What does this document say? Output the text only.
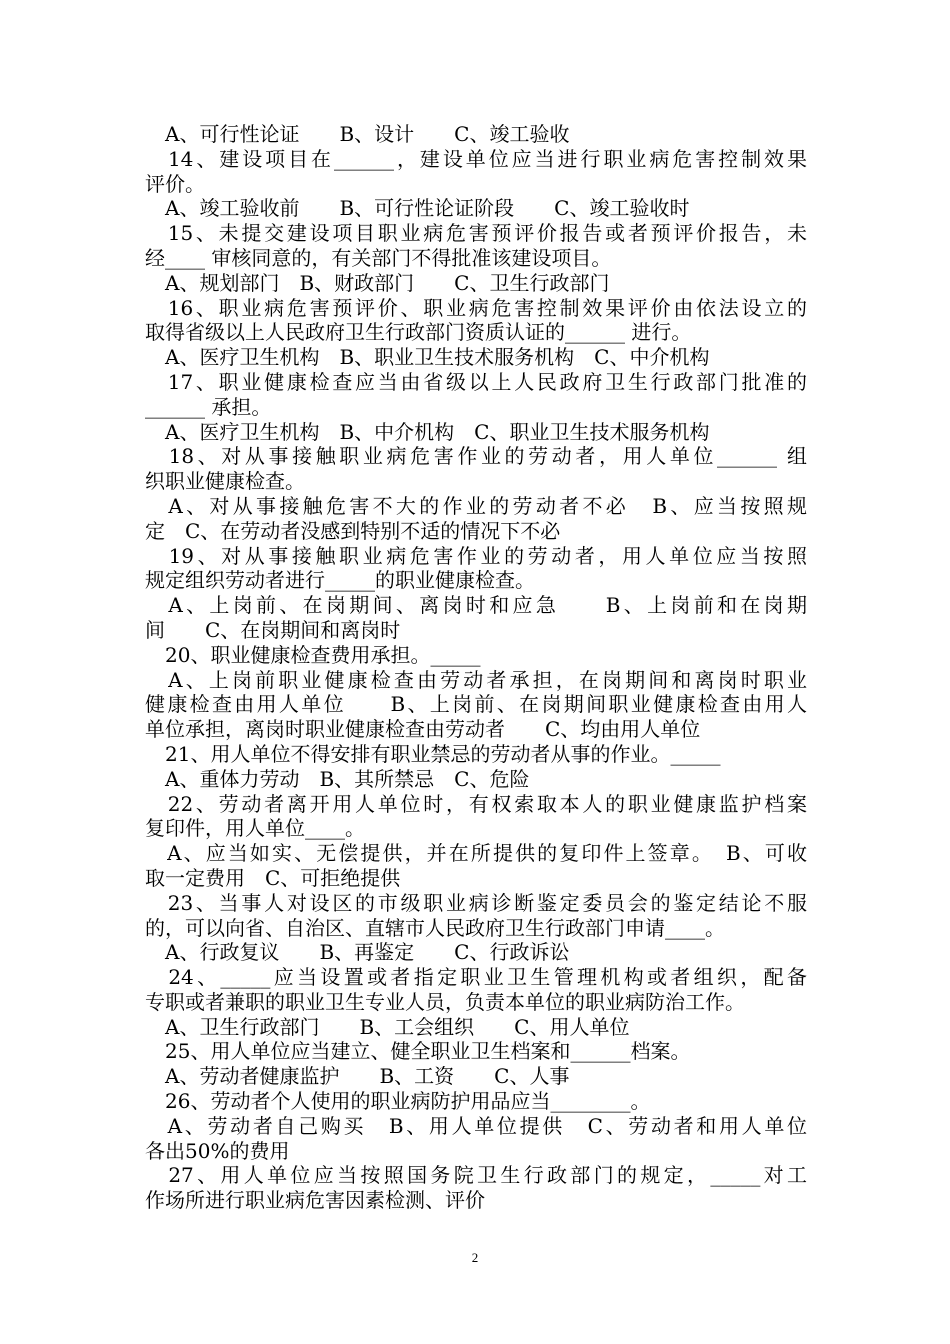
　A、可行性论证　　B、设计　　C、竣工验收
　14、建设项目在______，建设单位应当进行职业病危害控制效果
评价。
　A、竣工验收前　　B、可行性论证阶段　　C、竣工验收时
　15、未提交建设项目职业病危害预评价报告或者预评价报告，未
经____ 审核同意的，有关部门不得批准该建设项目。
　A、规划部门　B、财政部门　　C、卫生行政部门
　16、职业病危害预评价、职业病危害控制效果评价由依法设立的
取得省级以上人民政府卫生行政部门资质认证的______ 进行。
　A、医疗卫生机构　B、职业卫生技术服务机构　C、中介机构
　17、职业健康检查应当由省级以上人民政府卫生行政部门批准的
______ 承担。
　A、医疗卫生机构　B、中介机构　C、职业卫生技术服务机构
　18、对从事接触职业病危害作业的劳动者，用人单位______ 组
织职业健康检查。
　A、对从事接触危害不大的作业的劳动者不必　B、应当按照规
定　C、在劳动者没感到特别不适的情况下不必
　19、对从事接触职业病危害作业的劳动者，用人单位应当按照
规定组织劳动者进行_____的职业健康检查。
　A、上岗前、在岗期间、离岗时和应急　　B、上岗前和在岗期
间　　C、在岗期间和离岗时
　20、职业健康检查费用承担。_____
　A、上岗前职业健康检查由劳动者承担，在岗期间和离岗时职业
健康检查由用人单位　　B、上岗前、在岗期间职业健康检查由用人
单位承担，离岗时职业健康检查由劳动者　　C、均由用人单位
　21、用人单位不得安排有职业禁忌的劳动者从事的作业。_____
　A、重体力劳动　B、其所禁忌　C、危险
　22、劳动者离开用人单位时，有权索取本人的职业健康监护档案
复印件，用人单位____。
　A、应当如实、无偿提供，并在所提供的复印件上签章。　B、可收
取一定费用　C、可拒绝提供
　23、当事人对设区的市级职业病诊断鉴定委员会的鉴定结论不服
的，可以向省、自治区、直辖市人民政府卫生行政部门申请____。
　A、行政复议　　B、再鉴定　　C、行政诉讼
　24、_____应当设置或者指定职业卫生管理机构或者组织，配备
专职或者兼职的职业卫生专业人员，负责本单位的职业病防治工作。
　A、卫生行政部门　　B、工会组织　　C、用人单位
　25、用人单位应当建立、健全职业卫生档案和______档案。
　A、劳动者健康监护　　B、工资　　C、人事
　26、劳动者个人使用的职业病防护用品应当________。
　A、劳动者自己购买　B、用人单位提供　C、劳动者和用人单位
各出50%的费用
　27、用人单位应当按照国务院卫生行政部门的规定，_____对工
作场所进行职业病危害因素检测、评价
2
